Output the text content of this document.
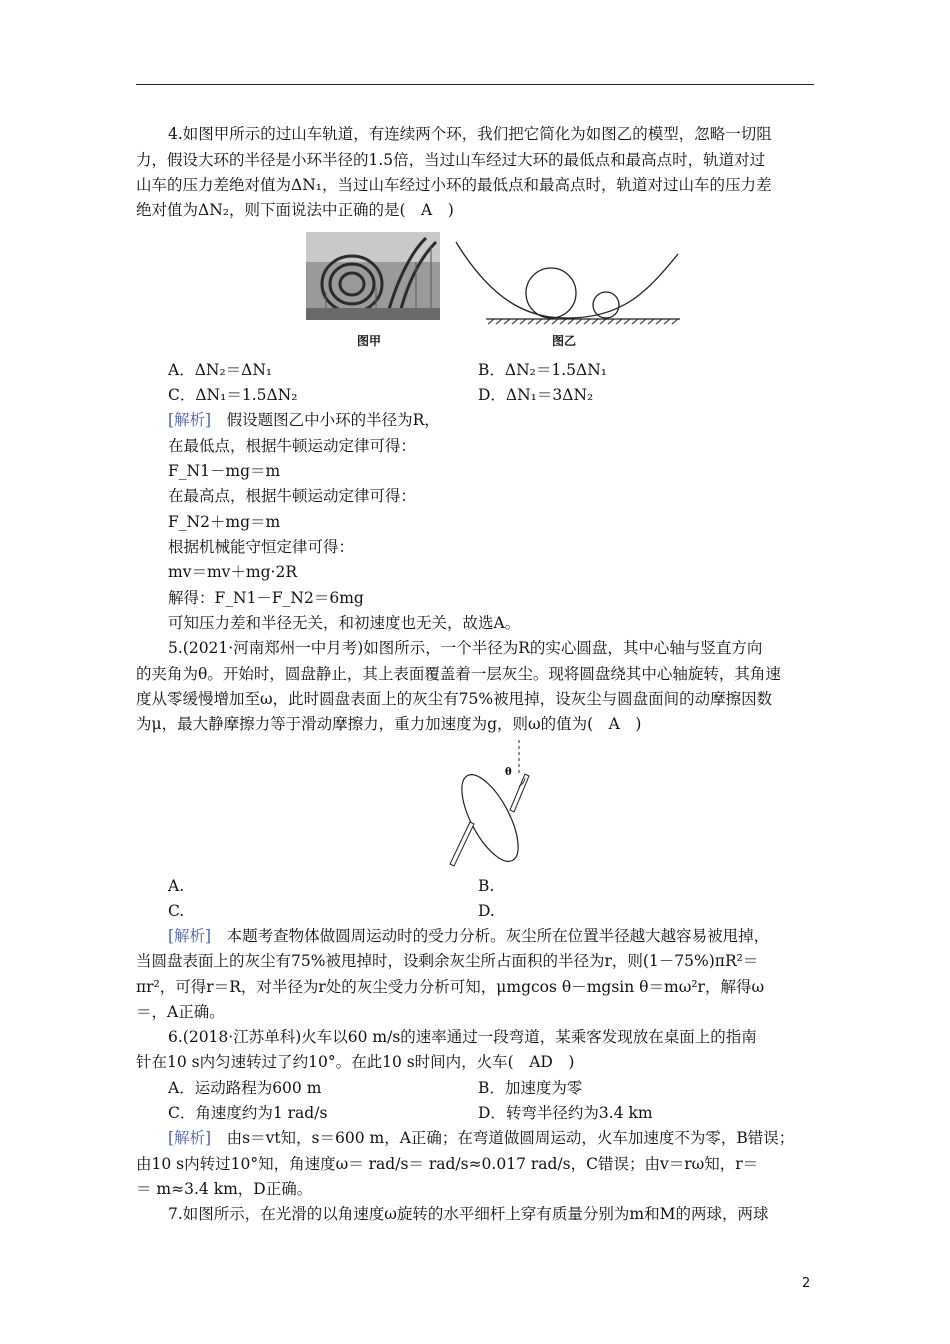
4.如图甲所示的过山车轨道，有连续两个环，我们把它简化为如图乙的模型，忽略一切阻
力，假设大环的半径是小环半径的1.5倍，当过山车经过大环的最低点和最高点时，轨道对过
山车的压力差绝对值为ΔN₁，当过山车经过小环的最低点和最高点时，轨道对过山车的压力差
绝对值为ΔN₂，则下面说法中正确的是(　A　)
图甲	图乙
A．ΔN₂＝ΔN₁	B．ΔN₂＝1.5ΔN₁
C．ΔN₁＝1.5ΔN₂	D．ΔN₁＝3ΔN₂
[解析]　假设题图乙中小环的半径为R，
在最低点，根据牛顿运动定律可得：
F_N1－mg＝m
在最高点，根据牛顿运动定律可得：
F_N2＋mg＝m
根据机械能守恒定律可得：
mv＝mv＋mg·2R
解得：F_N1－F_N2＝6mg
可知压力差和半径无关，和初速度也无关，故选A。
5.(2021·河南郑州一中月考)如图所示，一个半径为R的实心圆盘，其中心轴与竖直方向
的夹角为θ。开始时，圆盘静止，其上表面覆盖着一层灰尘。现将圆盘绕其中心轴旋转，其角速
度从零缓慢增加至ω，此时圆盘表面上的灰尘有75%被甩掉，设灰尘与圆盘面间的动摩擦因数
为μ，最大静摩擦力等于滑动摩擦力，重力加速度为g，则ω的值为(　A　)
θ
A.	B.
C.	D.
[解析]　本题考查物体做圆周运动时的受力分析。灰尘所在位置半径越大越容易被甩掉，
当圆盘表面上的灰尘有75%被甩掉时，设剩余灰尘所占面积的半径为r，则(1－75%)πR²＝
πr²，可得r＝R，对半径为r处的灰尘受力分析可知，μmgcos θ－mgsin θ＝mω²r，解得ω
＝，A正确。
6.(2018·江苏单科)火车以60 m/s的速率通过一段弯道，某乘客发现放在桌面上的指南
针在10 s内匀速转过了约10°。在此10 s时间内，火车(　AD　)
A．运动路程为600 m	B．加速度为零
C．角速度约为1 rad/s	D．转弯半径约为3.4 km
[解析]　由s＝vt知，s＝600 m，A正确；在弯道做圆周运动，火车加速度不为零，B错误；
由10 s内转过10°知，角速度ω＝ rad/s＝ rad/s≈0.017 rad/s，C错误；由v＝rω知，r＝
＝ m≈3.4 km，D正确。
7.如图所示，在光滑的以角速度ω旋转的水平细杆上穿有质量分别为m和M的两球，两球
2
